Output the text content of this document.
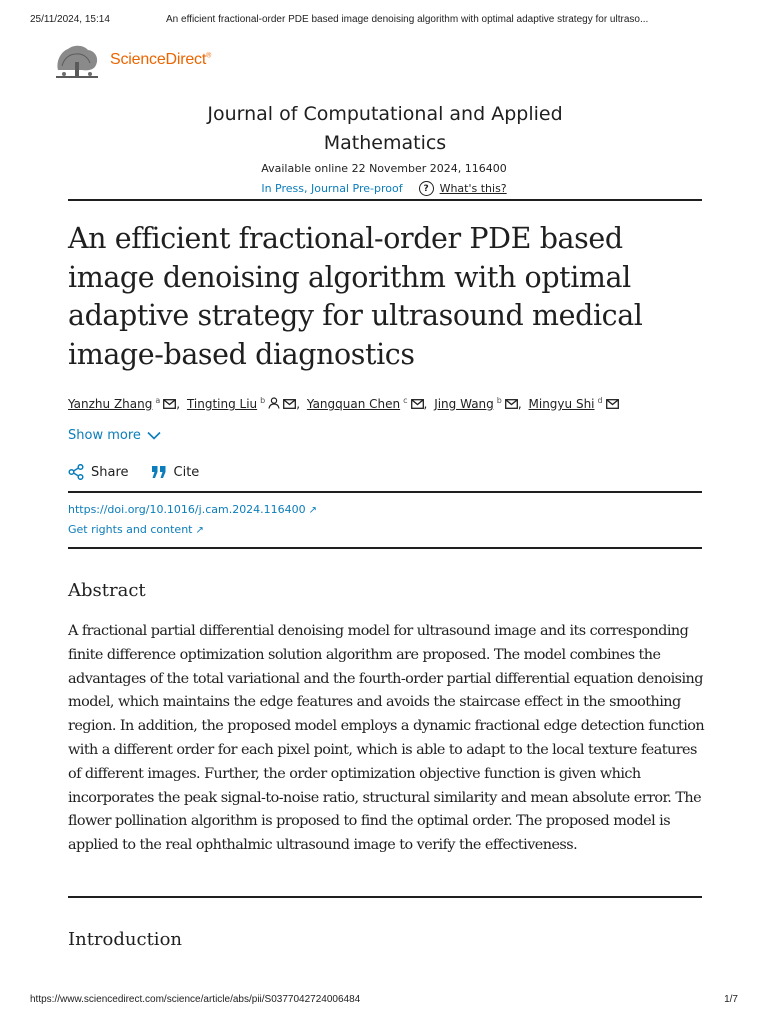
25/11/2024, 15:14	An efficient fractional-order PDE based image denoising algorithm with optimal adaptive strategy for ultraso...
ScienceDirect®
Journal of Computational and Applied Mathematics
Available online 22 November 2024, 116400
In Press, Journal Pre-proof	? What's this?
An efficient fractional-order PDE based image denoising algorithm with optimal adaptive strategy for ultrasound medical image-based diagnostics
Yanzhu Zhang $^a$ , Tingting Liu $^b$	, Yangquan Chen $^c$ , Jing Wang $^b$ , Mingyu Shi $^d$
Show more
Share	Cite
https://doi.org/10.1016/j.cam.2024.116400 ↗
Get rights and content ↗
Abstract

A fractional partial differential denoising model for ultrasound image and its corresponding finite difference optimization solution algorithm are proposed. The model combines the advantages of the total variational and the fourth-order partial differential equation denoising model, which maintains the edge features and avoids the staircase effect in the smoothing region. In addition, the proposed model employs a dynamic fractional edge detection function with a different order for each pixel point, which is able to adapt to the local texture features of different images. Further, the order optimization objective function is given which incorporates the peak signal-to-noise ratio, structural similarity and mean absolute error. The flower pollination algorithm is proposed to find the optimal order. The proposed model is applied to the real ophthalmic ultrasound image to verify the effectiveness.

Introduction
https://www.sciencedirect.com/science/article/abs/pii/S0377042724006484	1/7
